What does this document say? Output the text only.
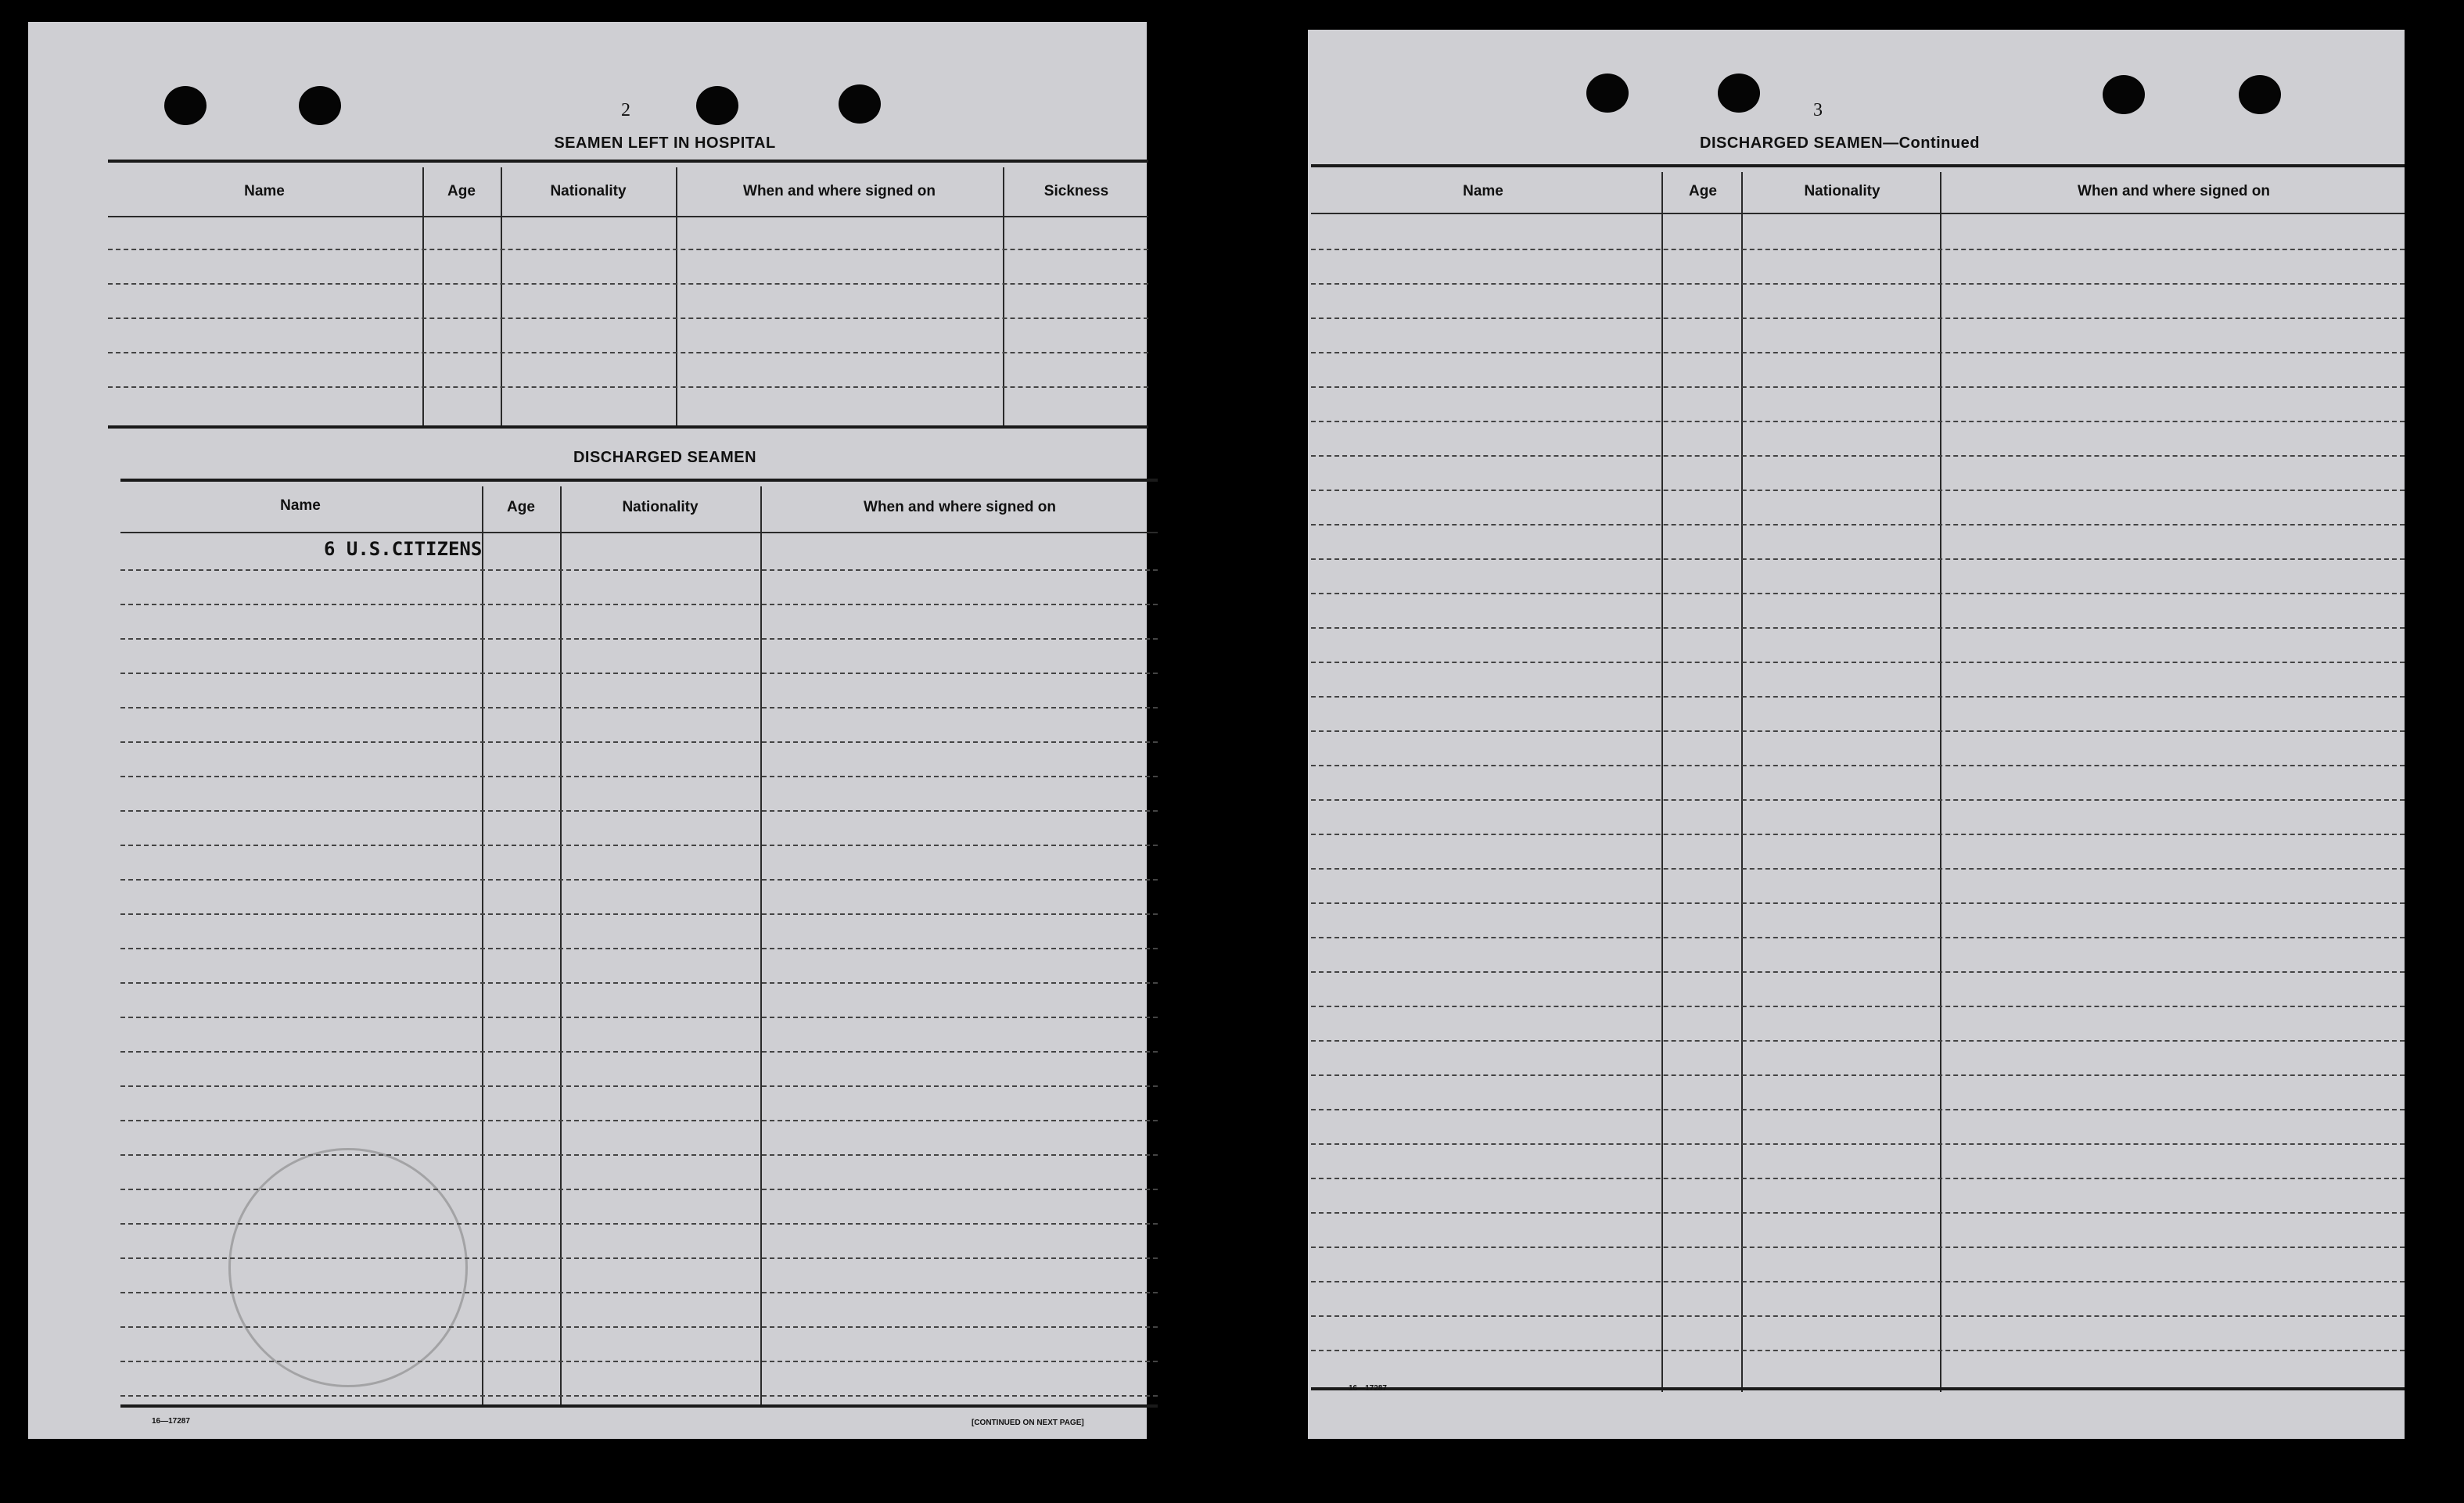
2
SEAMEN LEFT IN HOSPITAL
Name	Age	Nationality	When and where signed on	Sickness
DISCHARGED SEAMEN
Name	Age	Nationality	When and where signed on
6 U.S.CITIZENS
16—17287	[CONTINUED ON NEXT PAGE]
3
DISCHARGED SEAMEN—Continued
Name	Age	Nationality	When and where signed on
16—17287
